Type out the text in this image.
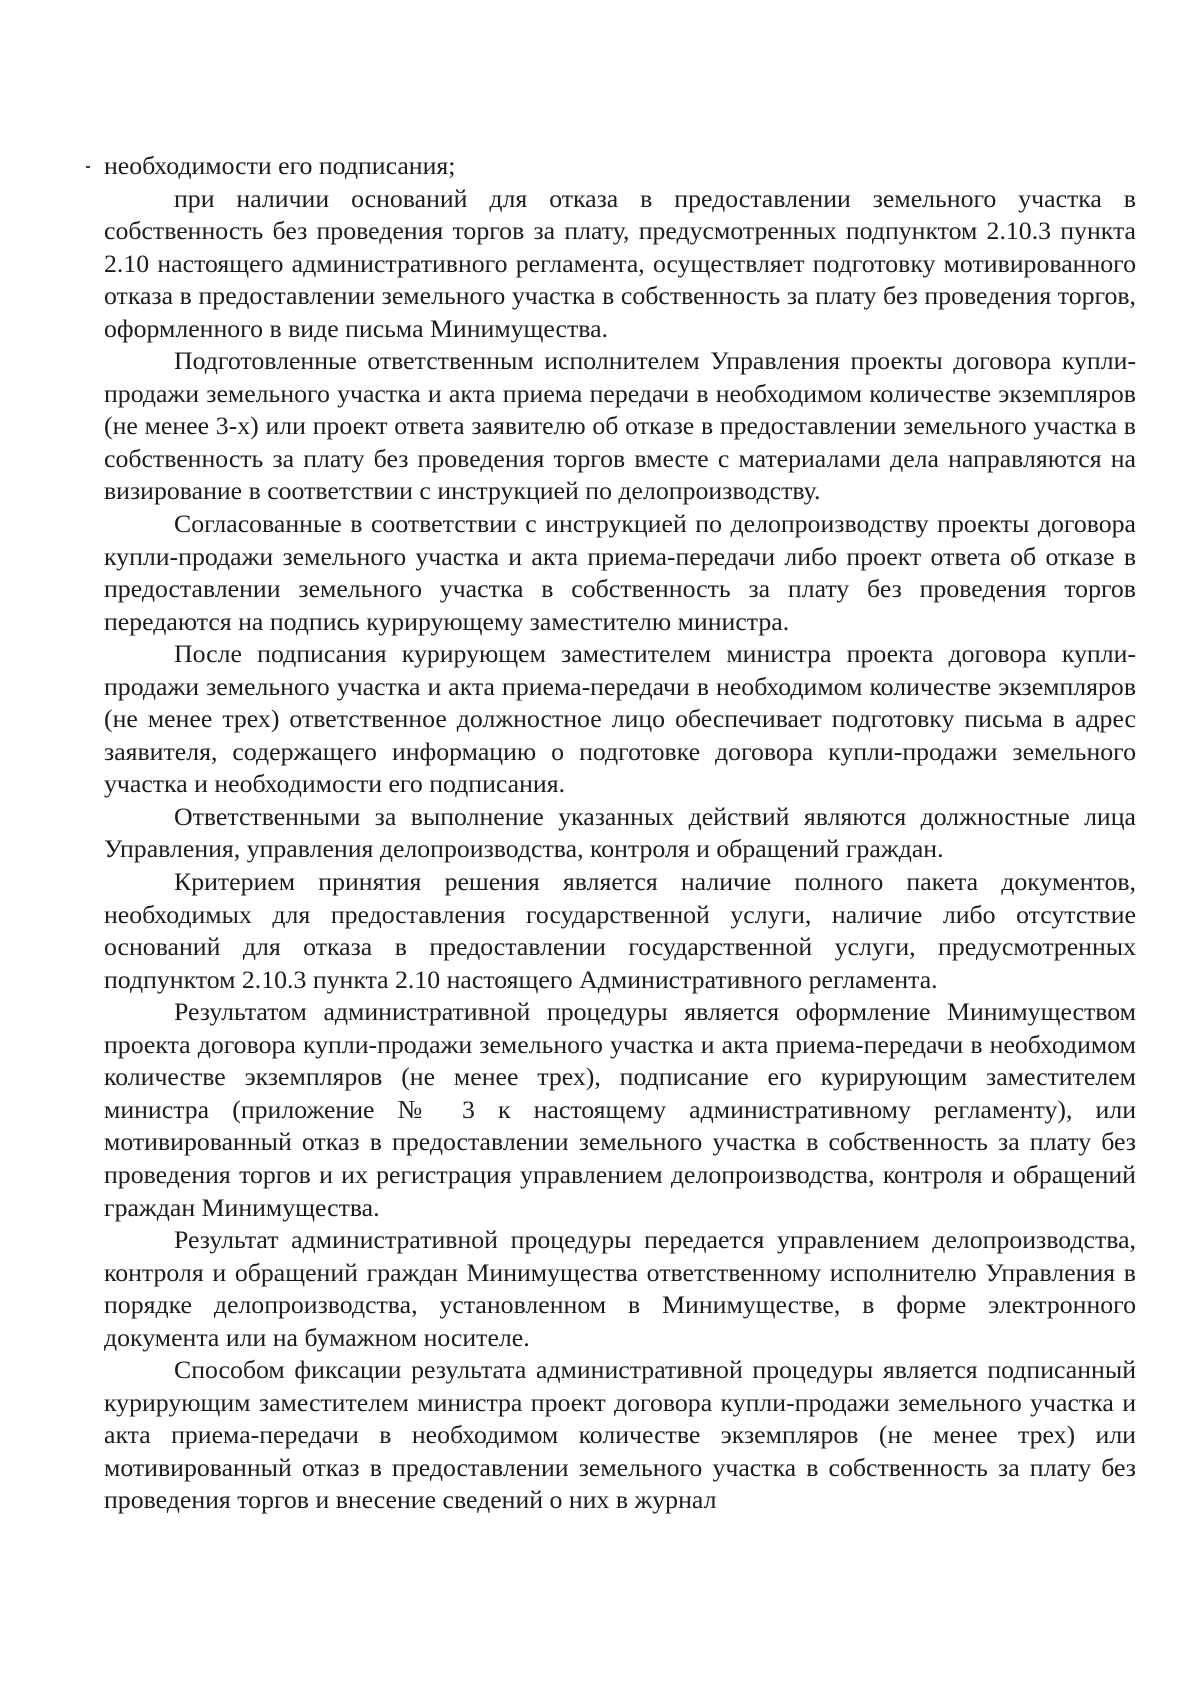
необходимости его подписания;

при наличии оснований для отказа в предоставлении земельного участка в собственность без проведения торгов за плату, предусмотренных подпунктом 2.10.3 пункта 2.10 настоящего административного регламента, осуществляет подготовку мотивированного отказа в предоставлении земельного участка в собственность за плату без проведения торгов, оформленного в виде письма Минимущества.

Подготовленные ответственным исполнителем Управления проекты договора купли-продажи земельного участка и акта приема передачи в необходимом количестве экземпляров (не менее 3-х) или проект ответа заявителю об отказе в предоставлении земельного участка в собственность за плату без проведения торгов вместе с материалами дела направляются на визирование в соответствии с инструкцией по делопроизводству.

Согласованные в соответствии с инструкцией по делопроизводству проекты договора купли-продажи земельного участка и акта приема-передачи либо проект ответа об отказе в предоставлении земельного участка в собственность за плату без проведения торгов передаются на подпись курирующему заместителю министра.

После подписания курирующем заместителем министра проекта договора купли-продажи земельного участка и акта приема-передачи в необходимом количестве экземпляров (не менее трех) ответственное должностное лицо обеспечивает подготовку письма в адрес заявителя, содержащего информацию о подготовке договора купли-продажи земельного участка и необходимости его подписания.

Ответственными за выполнение указанных действий являются должностные лица Управления, управления делопроизводства, контроля и обращений граждан.

Критерием принятия решения является наличие полного пакета документов, необходимых для предоставления государственной услуги, наличие либо отсутствие оснований для отказа в предоставлении государственной услуги, предусмотренных подпунктом 2.10.3 пункта 2.10 настоящего Административного регламента.

Результатом административной процедуры является оформление Минимуществом проекта договора купли-продажи земельного участка и акта приема-передачи в необходимом количестве экземпляров (не менее трех), подписание его курирующим заместителем министра (приложение № 3 к настоящему административному регламенту), или мотивированный отказ в предоставлении земельного участка в собственность за плату без проведения торгов и их регистрация управлением делопроизводства, контроля и обращений граждан Минимущества.

Результат административной процедуры передается управлением делопроизводства, контроля и обращений граждан Минимущества ответственному исполнителю Управления в порядке делопроизводства, установленном в Минимуществе, в форме электронного документа или на бумажном носителе.

Способом фиксации результата административной процедуры является подписанный курирующим заместителем министра проект договора купли-продажи земельного участка и акта приема-передачи в необходимом количестве экземпляров (не менее трех) или мотивированный отказ в предоставлении земельного участка в собственность за плату без проведения торгов и внесение сведений о них в журнал
